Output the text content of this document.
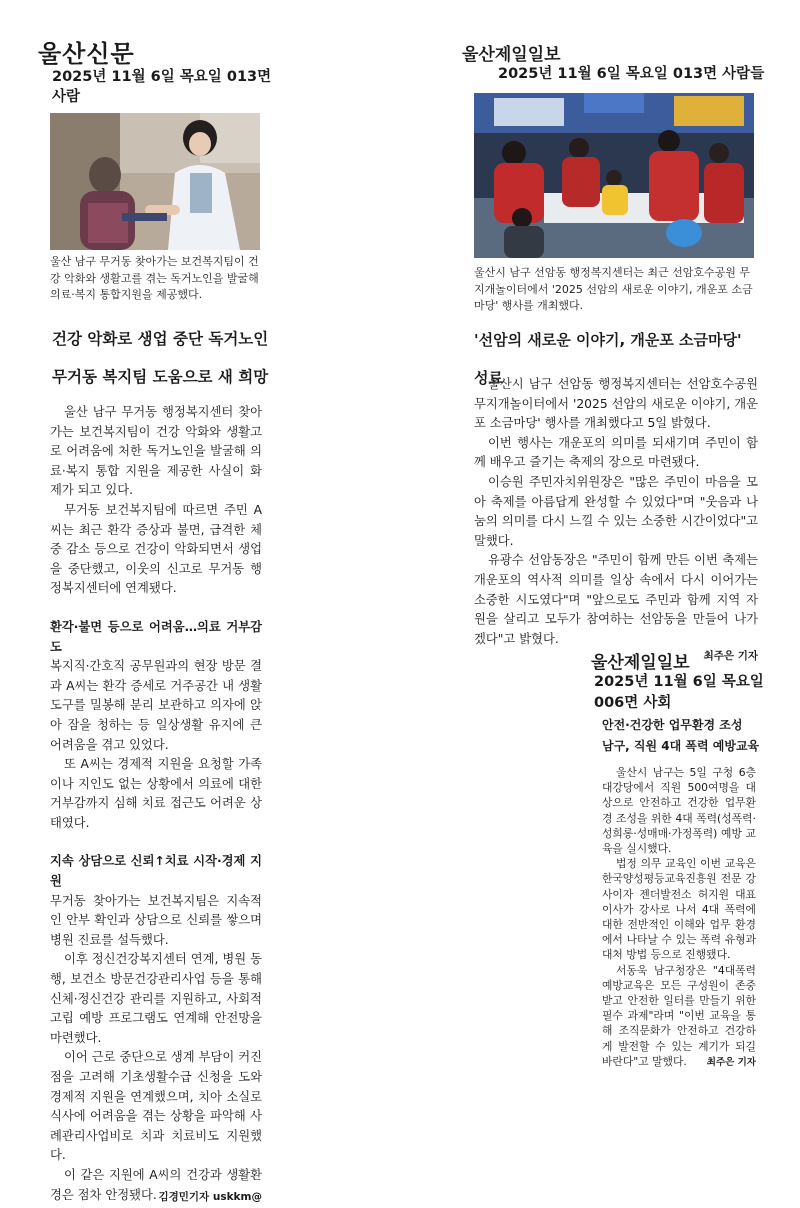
울산신문
2025년 11월 6일 목요일 013면
사람
울산 남구 무거동 찾아가는 보건복지팀이 건강 악화와 생활고를 겪는 독거노인을 발굴해 의료·복지 통합지원을 제공했다.
건강 악화로 생업 중단 독거노인
무거동 복지팀 도움으로 새 희망

울산 남구 무거동 행정복지센터 찾아가는 보건복지팀이 건강 악화와 생활고로 어려움에 처한 독거노인을 발굴해 의료·복지 통합 지원을 제공한 사실이 화제가 되고 있다.

무거동 보건복지팀에 따르면 주민 A씨는 최근 환각 증상과 불면, 급격한 체중 감소 등으로 건강이 악화되면서 생업을 중단했고, 이웃의 신고로 무거동 행정복지센터에 연계됐다.

환각·불면 등으로 어려움…의료 거부감도

복지직·간호직 공무원과의 현장 방문 결과 A씨는 환각 증세로 거주공간 내 생활도구를 밀봉해 분리 보관하고 의자에 앉아 잠을 청하는 등 일상생활 유지에 큰 어려움을 겪고 있었다.

또 A씨는 경제적 지원을 요청할 가족이나 지인도 없는 상황에서 의료에 대한 거부감까지 심해 치료 접근도 어려운 상태였다.

지속 상담으로 신뢰↑치료 시작·경제 지원

무거동 찾아가는 보건복지팀은 지속적인 안부 확인과 상담으로 신뢰를 쌓으며 병원 진료를 설득했다.

이후 정신건강복지센터 연계, 병원 동행, 보건소 방문건강관리사업 등을 통해 신체·정신건강 관리를 지원하고, 사회적 고립 예방 프로그램도 연계해 안전망을 마련했다.

이어 근로 중단으로 생계 부담이 커진 점을 고려해 기초생활수급 신청을 도와 경제적 지원을 연계했으며, 치아 소실로 식사에 어려움을 겪는 상황을 파악해 사례관리사업비로 치과 치료비도 지원했다.

이 같은 지원에 A씨의 건강과 생활환경은 점차 안정됐다. 김경민기자 uskkm@
울산제일일보
2025년 11월 6일 목요일 013면 사람들
울산시 남구 선암동 행정복지센터는 최근 선암호수공원 무지개놀이터에서 '2025 선암의 새로운 이야기, 개운포 소금마당' 행사를 개최했다.
'선암의 새로운 이야기, 개운포 소금마당' 성료

울산시 남구 선암동 행정복지센터는 선암호수공원 무지개놀이터에서 '2025 선암의 새로운 이야기, 개운포 소금마당' 행사를 개최했다고 5일 밝혔다.

이번 행사는 개운포의 의미를 되새기며 주민이 함께 배우고 즐기는 축제의 장으로 마련됐다.

이승원 주민자치위원장은 "많은 주민이 마음을 모아 축제를 아름답게 완성할 수 있었다"며 "웃음과 나눔의 의미를 다시 느낄 수 있는 소중한 시간이었다"고 말했다.

유광수 선암동장은 "주민이 함께 만든 이번 축제는 개운포의 역사적 의미를 일상 속에서 다시 이어가는 소중한 시도였다"며 "앞으로도 주민과 함께 지역 자원을 살리고 모두가 참여하는 선암동을 만들어 나가겠다"고 밝혔다.

최주은 기자
울산제일일보
2025년 11월 6일 목요일
006면 사회
안전·건강한 업무환경 조성
남구, 직원 4대 폭력 예방교육

울산시 남구는 5일 구청 6층 대강당에서 직원 500여명을 대상으로 안전하고 건강한 업무환경 조성을 위한 4대 폭력(성폭력·성희롱·성매매·가정폭력) 예방 교육을 실시했다.

법정 의무 교육인 이번 교육은 한국양성평등교육진흥원 전문 강사이자 젠더발전소 허지원 대표이사가 강사로 나서 4대 폭력에 대한 전반적인 이해와 업무 환경에서 나타날 수 있는 폭력 유형과 대처 방법 등으로 진행됐다.

서동욱 남구청장은 "4대폭력 예방교육은 모든 구성원이 존중받고 안전한 일터를 만들기 위한 필수 과제"라며 "이번 교육을 통해 조직문화가 안전하고 건강하게 발전할 수 있는 계기가 되길 바란다"고 말했다.	최주은 기자
